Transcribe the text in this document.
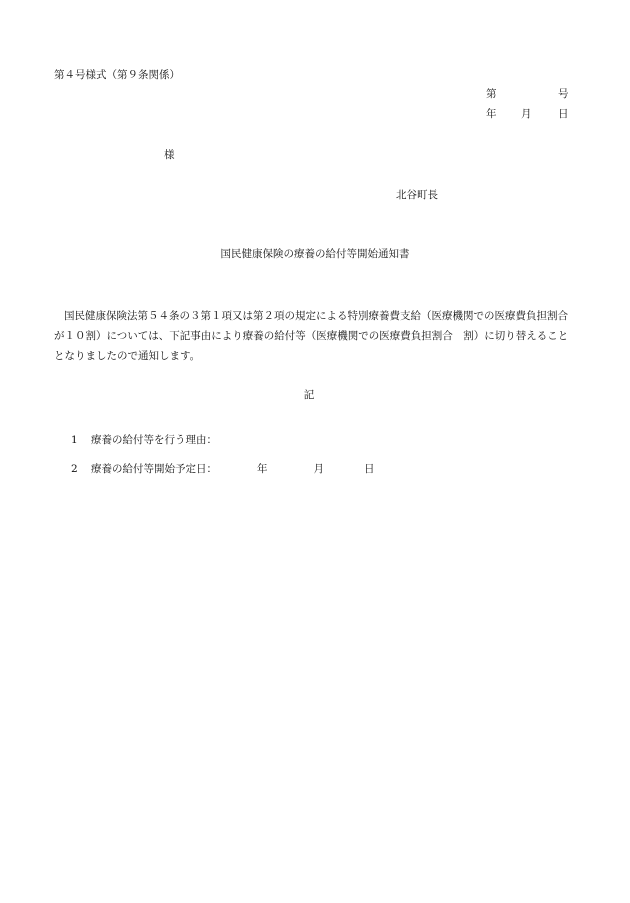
第４号様式（第９条関係）
第	号
年 月	日
様
北谷町長
国民健康保険の療養の給付等開始通知書
国民健康保険法第５４条の３第１項又は第２項の規定による特別療養費支給（医療機関での医療費負担割合が１０割）については、下記事由により療養の給付等（医療機関での医療費負担割合　割）に切り替えることとなりましたので通知します。
記
1 療養の給付等を行う理由：
2 療養の給付等開始予定日：	年	月	日
